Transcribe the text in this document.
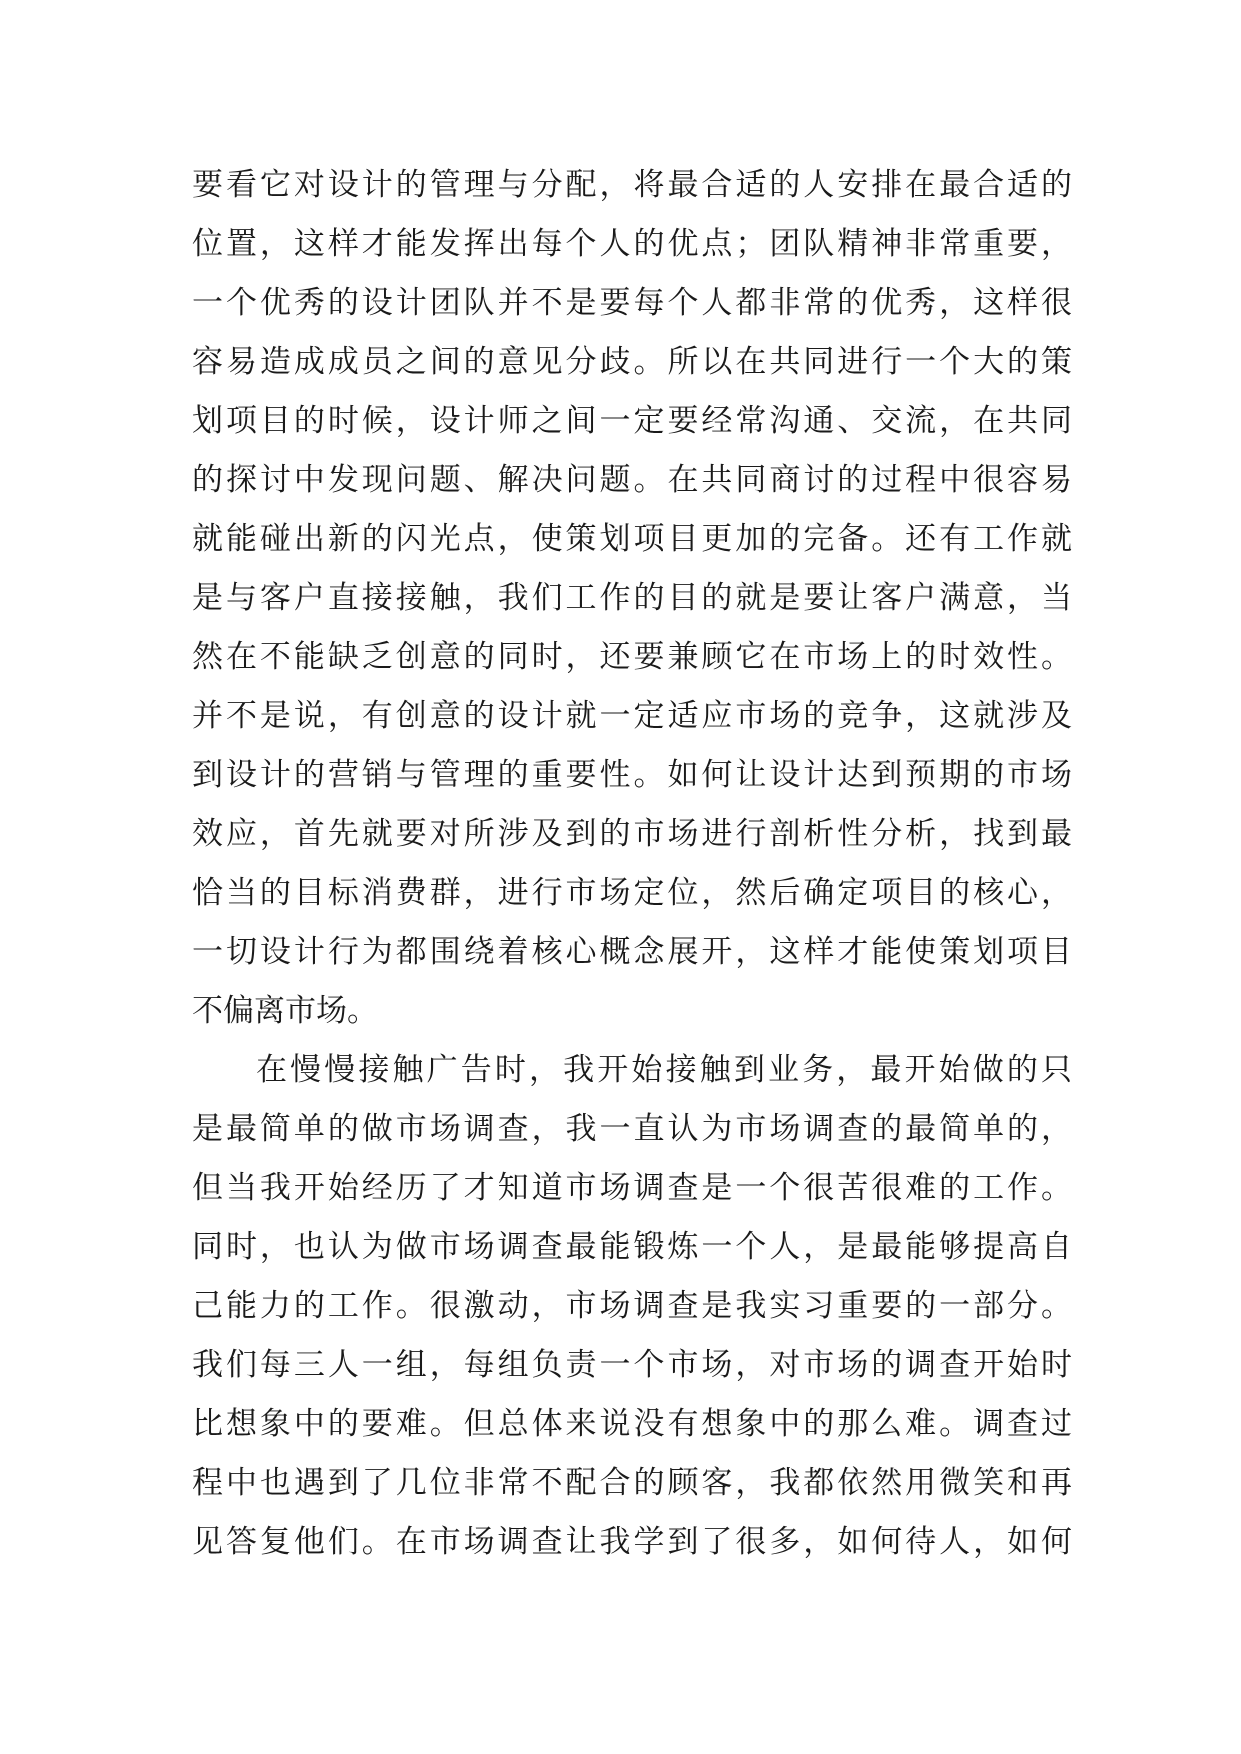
要看它对设计的管理与分配，将最合适的人安排在最合适的
位置，这样才能发挥出每个人的优点；团队精神非常重要，
一个优秀的设计团队并不是要每个人都非常的优秀，这样很
容易造成成员之间的意见分歧。所以在共同进行一个大的策
划项目的时候，设计师之间一定要经常沟通、交流，在共同
的探讨中发现问题、解决问题。在共同商讨的过程中很容易
就能碰出新的闪光点，使策划项目更加的完备。还有工作就
是与客户直接接触，我们工作的目的就是要让客户满意，当
然在不能缺乏创意的同时，还要兼顾它在市场上的时效性。
并不是说，有创意的设计就一定适应市场的竞争，这就涉及
到设计的营销与管理的重要性。如何让设计达到预期的市场
效应，首先就要对所涉及到的市场进行剖析性分析，找到最
恰当的目标消费群，进行市场定位，然后确定项目的核心，
一切设计行为都围绕着核心概念展开，这样才能使策划项目
不偏离市场。
在慢慢接触广告时，我开始接触到业务，最开始做的只
是最简单的做市场调查，我一直认为市场调查的最简单的，
但当我开始经历了才知道市场调查是一个很苦很难的工作。
同时，也认为做市场调查最能锻炼一个人，是最能够提高自
己能力的工作。很激动，市场调查是我实习重要的一部分。
我们每三人一组，每组负责一个市场，对市场的调查开始时
比想象中的要难。但总体来说没有想象中的那么难。调查过
程中也遇到了几位非常不配合的顾客，我都依然用微笑和再
见答复他们。在市场调查让我学到了很多，如何待人，如何
